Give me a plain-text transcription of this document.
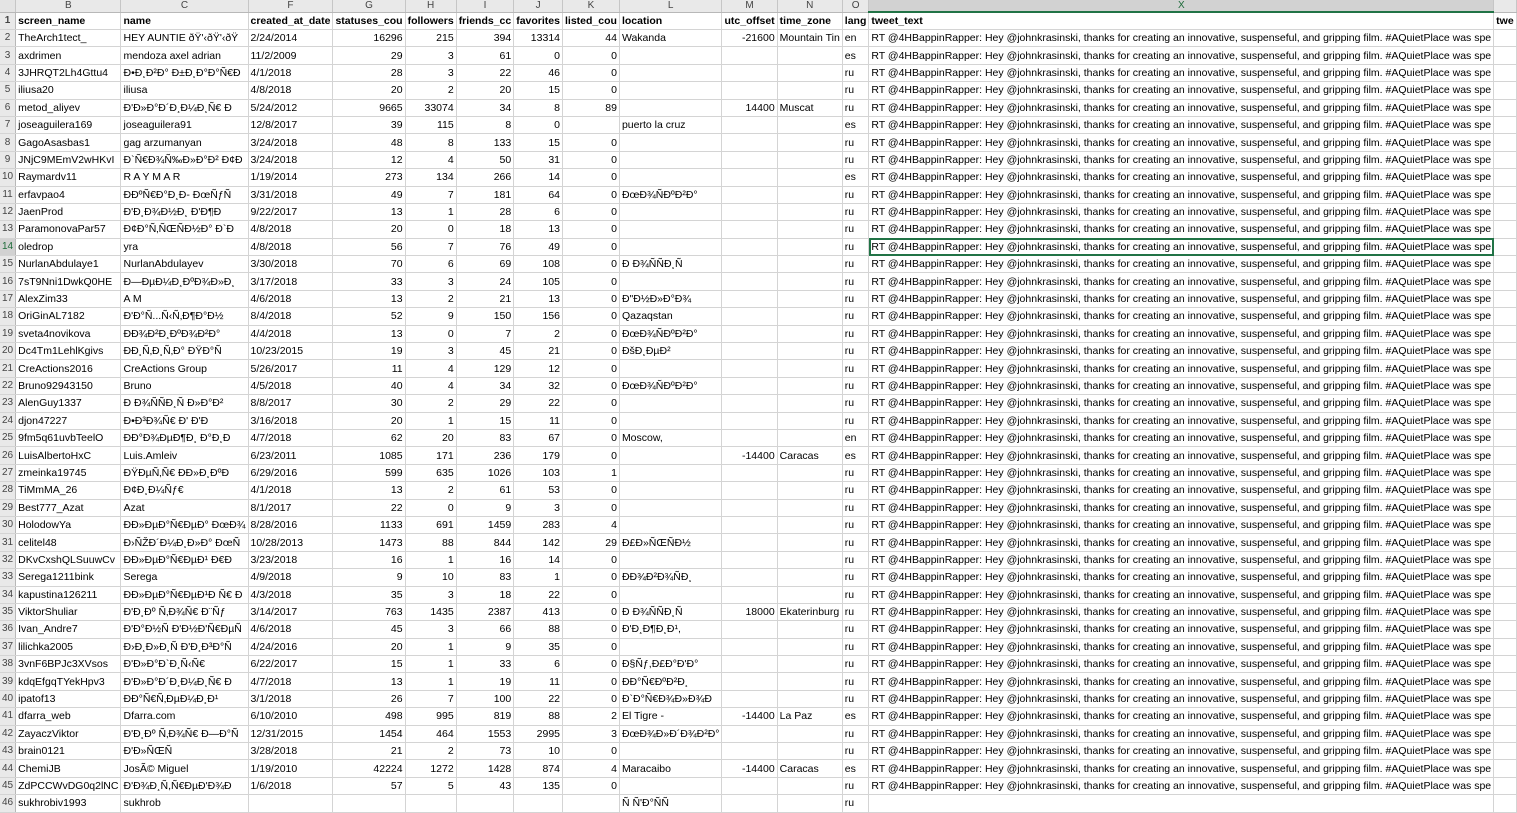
	B	C	F	G	H	I	J	K	L	M	N	O	X	
1	screen_name	name	created_at_date	statuses_cou	followers	friends_cc	favorites	listed_cou	location	utc_offset	time_zone	lang	tweet_text	twe
2	TheArch1tect_	HEY AUNTIE ðŸ'‹ðŸ'‹ðŸ	2/24/2014	16296	215	394	13314	44	Wakanda	-21600	Mountain Tin	en	RT @4HBappinRapper: Hey @johnkrasinski, thanks for creating an innovative, suspenseful, and gripping film. #AQuietPlace was spe	
3	axdrimen	mendoza axel adrian	11/2/2009	29	3	61	0	0				es	RT @4HBappinRapper: Hey @johnkrasinski, thanks for creating an innovative, suspenseful, and gripping film. #AQuietPlace was spe	
4	3JHRQT2Lh4Gttu4	Ð•Ð¸Ð²Ð° Ð±Ð¸Ð°Ð°Ñ€Ð	4/1/2018	28	3	22	46	0				ru	RT @4HBappinRapper: Hey @johnkrasinski, thanks for creating an innovative, suspenseful, and gripping film. #AQuietPlace was spe	
5	iliusa20	iliusa	4/8/2018	20	2	20	15	0				ru	RT @4HBappinRapper: Hey @johnkrasinski, thanks for creating an innovative, suspenseful, and gripping film. #AQuietPlace was spe	
6	metod_aliyev	Ð'Ð»Ð°Ð´Ð¸Ð¼Ð¸Ñ€ Ð	5/24/2012	9665	33074	34	8	89		14400	Muscat	ru	RT @4HBappinRapper: Hey @johnkrasinski, thanks for creating an innovative, suspenseful, and gripping film. #AQuietPlace was spe	
7	joseaguilera169	joseaguilera91	12/8/2017	39	115	8	0		puerto la cruz			es	RT @4HBappinRapper: Hey @johnkrasinski, thanks for creating an innovative, suspenseful, and gripping film. #AQuietPlace was spe	
8	GagoAsasbas1	gag arzumanyan	3/24/2018	48	8	133	15	0				ru	RT @4HBappinRapper: Hey @johnkrasinski, thanks for creating an innovative, suspenseful, and gripping film. #AQuietPlace was spe	
9	JNjC9MEmV2wHKvI	Ð`Ñ€Ð¾Ñ‰Ð»Ð°Ð² Ð¢Ð	3/24/2018	12	4	50	31	0				ru	RT @4HBappinRapper: Hey @johnkrasinski, thanks for creating an innovative, suspenseful, and gripping film. #AQuietPlace was spe	
10	Raymardv11	R A Y M A R	1/19/2014	273	134	266	14	0				es	RT @4HBappinRapper: Hey @johnkrasinski, thanks for creating an innovative, suspenseful, and gripping film. #AQuietPlace was spe	
11	erfavpao4	ÐÐºÑ€Ð°Ð¸Ð- ÐœÑƒÑ	3/31/2018	49	7	181	64	0	ÐœÐ¾ÑÐºÐ²Ð°			ru	RT @4HBappinRapper: Hey @johnkrasinski, thanks for creating an innovative, suspenseful, and gripping film. #AQuietPlace was spe	
12	JaenProd	Ð'Ð¸Ð¾Ð½Ð¸ Ð'Ð¶Ð	9/22/2017	13	1	28	6	0				ru	RT @4HBappinRapper: Hey @johnkrasinski, thanks for creating an innovative, suspenseful, and gripping film. #AQuietPlace was spe	
13	ParamonovaPar57	Ð¢Ð°Ñ‚ÑŒÑÐ½Ð° Ð`Ð	4/8/2018	20	0	18	13	0				ru	RT @4HBappinRapper: Hey @johnkrasinski, thanks for creating an innovative, suspenseful, and gripping film. #AQuietPlace was spe	
14	oledrop	yra	4/8/2018	56	7	76	49	0				ru	RT @4HBappinRapper: Hey @johnkrasinski, thanks for creating an innovative, suspenseful, and gripping film. #AQuietPlace was spe	
15	NurlanAbdulaye1	NurlanAbdulayev	3/30/2018	70	6	69	108	0	Ð Ð¾ÑÑÐ¸Ñ			ru	RT @4HBappinRapper: Hey @johnkrasinski, thanks for creating an innovative, suspenseful, and gripping film. #AQuietPlace was spe	
16	7sT9Nni1DwkQ0HE	Ð—ÐµÐ¼Ð¸ÐºÐ¾Ð»Ð¸	3/17/2018	33	3	24	105	0				ru	RT @4HBappinRapper: Hey @johnkrasinski, thanks for creating an innovative, suspenseful, and gripping film. #AQuietPlace was spe	
17	AlexZim33	A M	4/6/2018	13	2	21	13	0	Ð"Ð½Ð»Ð°Ð¾			ru	RT @4HBappinRapper: Hey @johnkrasinski, thanks for creating an innovative, suspenseful, and gripping film. #AQuietPlace was spe	
18	OriGinAL7182	Ð'Ð°Ñ...Ñ‹Ñ‚Ð¶Ð°Ð½	8/4/2018	52	9	150	156	0	Qazaqstan			ru	RT @4HBappinRapper: Hey @johnkrasinski, thanks for creating an innovative, suspenseful, and gripping film. #AQuietPlace was spe	
19	sveta4novikova	ÐÐ¾Ð²Ð¸ÐºÐ¾Ð²Ð°	4/4/2018	13	0	7	2	0	ÐœÐ¾ÑÐºÐ²Ð°			ru	RT @4HBappinRapper: Hey @johnkrasinski, thanks for creating an innovative, suspenseful, and gripping film. #AQuietPlace was spe	
20	Dc4Tm1LehlKgivs	ÐÐ¸Ñ‚Ð¸Ñ‚Ð° ÐŸÐ°Ñ	10/23/2015	19	3	45	21	0	ÐšÐ¸ÐµÐ²			ru	RT @4HBappinRapper: Hey @johnkrasinski, thanks for creating an innovative, suspenseful, and gripping film. #AQuietPlace was spe	
21	CreActions2016	CreActions Group	5/26/2017	11	4	129	12	0				ru	RT @4HBappinRapper: Hey @johnkrasinski, thanks for creating an innovative, suspenseful, and gripping film. #AQuietPlace was spe	
22	Bruno92943150	Bruno	4/5/2018	40	4	34	32	0	ÐœÐ¾ÑÐºÐ²Ð°			ru	RT @4HBappinRapper: Hey @johnkrasinski, thanks for creating an innovative, suspenseful, and gripping film. #AQuietPlace was spe	
23	AlenGuy1337	Ð Ð¾ÑÑÐ¸Ñ Ð»Ð°Ð²	8/8/2017	30	2	29	22	0				ru	RT @4HBappinRapper: Hey @johnkrasinski, thanks for creating an innovative, suspenseful, and gripping film. #AQuietPlace was spe	
24	djon47227	Ð•Ð³Ð¾Ñ€ Ð' Ð'Ð	3/16/2018	20	1	15	11	0				ru	RT @4HBappinRapper: Hey @johnkrasinski, thanks for creating an innovative, suspenseful, and gripping film. #AQuietPlace was spe	
25	9fm5q61uvbTeelO	ÐÐ°Ð¾ÐµÐ¶Ð¸ Ð°Ð¸Ð	4/7/2018	62	20	83	67	0	Moscow,			en	RT @4HBappinRapper: Hey @johnkrasinski, thanks for creating an innovative, suspenseful, and gripping film. #AQuietPlace was spe	
26	LuisAlbertoHxC	Luis.Amleiv	6/23/2011	1085	171	236	179	0		-14400	Caracas	es	RT @4HBappinRapper: Hey @johnkrasinski, thanks for creating an innovative, suspenseful, and gripping film. #AQuietPlace was spe	
27	zmeinka19745	ÐŸÐµÑ‚Ñ€ ÐÐ»Ð¸ÐºÐ	6/29/2016	599	635	1026	103	1				ru	RT @4HBappinRapper: Hey @johnkrasinski, thanks for creating an innovative, suspenseful, and gripping film. #AQuietPlace was spe	
28	TiMmMA_26	Ð¢Ð¸Ð¼Ñƒ€	4/1/2018	13	2	61	53	0				ru	RT @4HBappinRapper: Hey @johnkrasinski, thanks for creating an innovative, suspenseful, and gripping film. #AQuietPlace was spe	
29	Best777_Azat	Azat	8/1/2017	22	0	9	3	0				ru	RT @4HBappinRapper: Hey @johnkrasinski, thanks for creating an innovative, suspenseful, and gripping film. #AQuietPlace was spe	
30	HolodowYa	ÐÐ»ÐµÐ°Ñ€ÐµÐ° ÐœÐ¾	8/28/2016	1133	691	1459	283	4				ru	RT @4HBappinRapper: Hey @johnkrasinski, thanks for creating an innovative, suspenseful, and gripping film. #AQuietPlace was spe	
31	celitel48	Ð›ÑŽÐ´Ð¼Ð¸Ð»Ð° ÐœÑ	10/28/2013	1473	88	844	142	29	Ð£Ð»ÑŒÑÐ½			ru	RT @4HBappinRapper: Hey @johnkrasinski, thanks for creating an innovative, suspenseful, and gripping film. #AQuietPlace was spe	
32	DKvCxshQLSuuwCv	ÐÐ»ÐµÐ°Ñ€ÐµÐ¹ Ð€Ð	3/23/2018	16	1	16	14	0				ru	RT @4HBappinRapper: Hey @johnkrasinski, thanks for creating an innovative, suspenseful, and gripping film. #AQuietPlace was spe	
33	Serega1211bink	Serega	4/9/2018	9	10	83	1	0	ÐÐ¾Ð²Ð¾ÑÐ¸			ru	RT @4HBappinRapper: Hey @johnkrasinski, thanks for creating an innovative, suspenseful, and gripping film. #AQuietPlace was spe	
34	kapustina126211	ÐÐ»ÐµÐ°Ñ€ÐµÐ¹Ð Ñ€ Ð	4/3/2018	35	3	18	22	0				ru	RT @4HBappinRapper: Hey @johnkrasinski, thanks for creating an innovative, suspenseful, and gripping film. #AQuietPlace was spe	
35	ViktorShuliar	Ð'Ð¸Ðº Ñ‚Ð¾Ñ€ Ð¨Ñƒ	3/14/2017	763	1435	2387	413	0	Ð Ð¾ÑÑÐ¸Ñ	18000	Ekaterinburg	ru	RT @4HBappinRapper: Hey @johnkrasinski, thanks for creating an innovative, suspenseful, and gripping film. #AQuietPlace was spe	
36	Ivan_Andre7	Ð'Ð°Ð½Ñ Ð'Ð½Ð'Ñ€ÐµÑ	4/6/2018	45	3	66	88	0	Ð'Ð¸Ð¶Ð¸Ð¹,			ru	RT @4HBappinRapper: Hey @johnkrasinski, thanks for creating an innovative, suspenseful, and gripping film. #AQuietPlace was spe	
37	lilichka2005	Ð›Ð¸Ð»Ð¸Ñ Ð'Ð¸Ð³Ð°Ñ	4/24/2016	20	1	9	35	0				ru	RT @4HBappinRapper: Hey @johnkrasinski, thanks for creating an innovative, suspenseful, and gripping film. #AQuietPlace was spe	
38	3vnF6BPJc3XVsos	Ð'Ð»Ð°Ð`Ð¸Ñ‹Ñ€	6/22/2017	15	1	33	6	0	Ð§Ñƒ,Ð£Ð°Ð'Ð°			ru	RT @4HBappinRapper: Hey @johnkrasinski, thanks for creating an innovative, suspenseful, and gripping film. #AQuietPlace was spe	
39	kdqEfgqTYekHpv3	Ð'Ð»Ð°Ð´Ð¸Ð¼Ð¸Ñ€ Ð	4/7/2018	13	1	19	11	0	ÐÐ°Ñ€ÐºÐ²Ð¸			ru	RT @4HBappinRapper: Hey @johnkrasinski, thanks for creating an innovative, suspenseful, and gripping film. #AQuietPlace was spe	
40	ipatof13	ÐÐ°Ñ€Ñ‚ÐµÐ¼Ð¸Ð¹	3/1/2018	26	7	100	22	0	Ð`Ð°Ñ€Ð¾Ð»Ð¾Ð			ru	RT @4HBappinRapper: Hey @johnkrasinski, thanks for creating an innovative, suspenseful, and gripping film. #AQuietPlace was spe	
41	dfarra_web	Dfarra.com	6/10/2010	498	995	819	88	2	El Tigre -	-14400	La Paz	es	RT @4HBappinRapper: Hey @johnkrasinski, thanks for creating an innovative, suspenseful, and gripping film. #AQuietPlace was spe	
42	ZayaczViktor	Ð'Ð¸Ðº Ñ‚Ð¾Ñ€ Ð—Ð°Ñ	12/31/2015	1454	464	1553	2995	3	ÐœÐ¾Ð»Ð´Ð¾Ð²Ð°			ru	RT @4HBappinRapper: Hey @johnkrasinski, thanks for creating an innovative, suspenseful, and gripping film. #AQuietPlace was spe	
43	brain0121	Ð'Ð»ÑŒÑ	3/28/2018	21	2	73	10	0				ru	RT @4HBappinRapper: Hey @johnkrasinski, thanks for creating an innovative, suspenseful, and gripping film. #AQuietPlace was spe	
44	ChemiJB	JosÃ© Miguel	1/19/2010	42224	1272	1428	874	4	Maracaibo	-14400	Caracas	es	RT @4HBappinRapper: Hey @johnkrasinski, thanks for creating an innovative, suspenseful, and gripping film. #AQuietPlace was spe	
45	ZdPCCWvDG0q2lNC	Ð'Ð¾Ð¸Ñ,Ñ€ÐµÐ'Ð¾Ð	1/6/2018	57	5	43	135	0				ru	RT @4HBappinRapper: Hey @johnkrasinski, thanks for creating an innovative, suspenseful, and gripping film. #AQuietPlace was spe	
46	sukhrobiv1993	sukhrob							Ñ Ñ'Ð°ÑÑ			ru		
